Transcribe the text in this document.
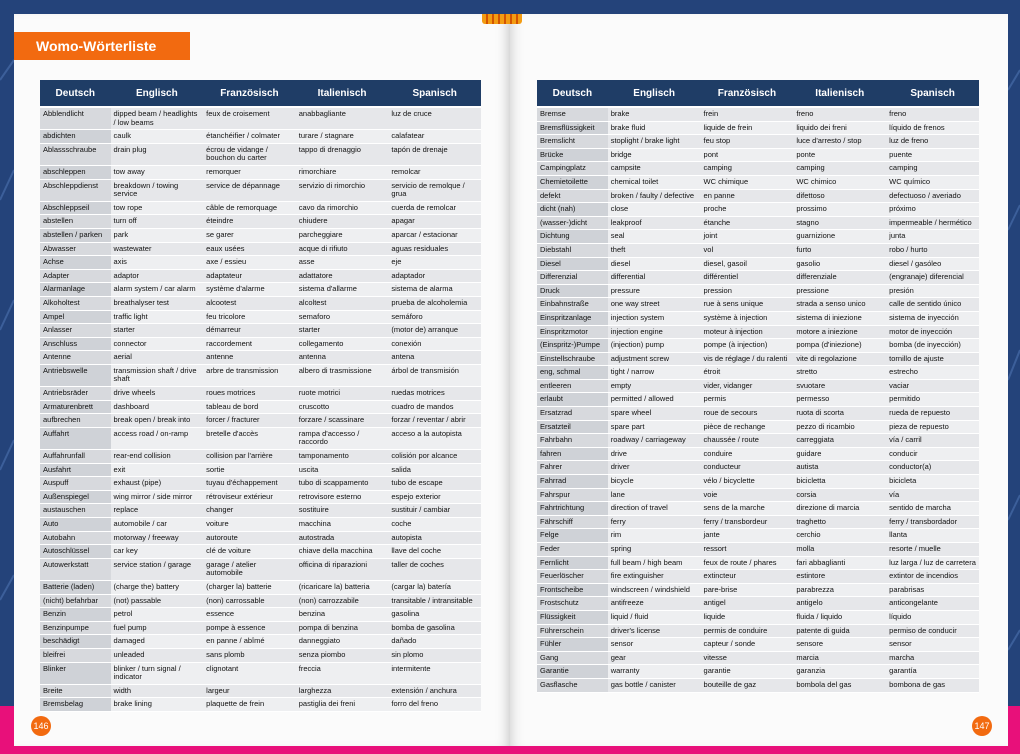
Womo-Wörterliste
Deutsch	Englisch	Französisch	Italienisch	Spanisch
Abblendlicht	dipped beam / headlights / low beams	feux de croisement	anabbagliante	luz de cruce
abdichten	caulk	étanchéifier / colmater	turare / stagnare	calafatear
Ablassschraube	drain plug	écrou de vidange / bouchon du carter	tappo di drenaggio	tapón de drenaje
abschleppen	tow away	remorquer	rimorchiare	remolcar
Abschleppdienst	breakdown / towing service	service de dépannage	servizio di rimorchio	servicio de remolque / grua
Abschleppseil	tow rope	câble de remorquage	cavo da rimorchio	cuerda de remolcar
abstellen	turn off	éteindre	chiudere	apagar
abstellen / parken	park	se garer	parcheggiare	aparcar / estacionar
Abwasser	wastewater	eaux usées	acque di rifiuto	aguas residuales
Achse	axis	axe / essieu	asse	eje
Adapter	adaptor	adaptateur	adattatore	adaptador
Alarmanlage	alarm system / car alarm	système d'alarme	sistema d'allarme	sistema de alarma
Alkoholtest	breathalyser test	alcootest	alcoltest	prueba de alcoholemia
Ampel	traffic light	feu tricolore	semaforo	semáforo
Anlasser	starter	démarreur	starter	(motor de) arranque
Anschluss	connector	raccordement	collegamento	conexión
Antenne	aerial	antenne	antenna	antena
Antriebswelle	transmission shaft / drive shaft	arbre de transmission	albero di trasmissione	árbol de transmisión
Antriebsräder	drive wheels	roues motrices	ruote motrici	ruedas motrices
Armaturenbrett	dashboard	tableau de bord	cruscotto	cuadro de mandos
aufbrechen	break open / break into	forcer / fracturer	forzare / scassinare	forzar / reventar / abrir
Auffahrt	access road / on-ramp	bretelle d'accès	rampa d'accesso / raccordo	acceso a la autopista
Auffahrunfall	rear-end collision	collision par l'arrière	tamponamento	colisión por alcance
Ausfahrt	exit	sortie	uscita	salida
Auspuff	exhaust (pipe)	tuyau d'échappement	tubo di scappamento	tubo de escape
Außenspiegel	wing mirror / side mirror	rétroviseur extérieur	retrovisore esterno	espejo exterior
austauschen	replace	changer	sostituire	sustituir / cambiar
Auto	automobile / car	voiture	macchina	coche
Autobahn	motorway / freeway	autoroute	autostrada	autopista
Autoschlüssel	car key	clé de voiture	chiave della macchina	llave del coche
Autowerkstatt	service station / garage	garage / atelier automobile	officina di riparazioni	taller de coches
Batterie (laden)	(charge the) battery	(charger la) batterie	(ricaricare la) batteria	(cargar la) batería
(nicht) befahrbar	(not) passable	(non) carrossable	(non) carrozzabile	transitable / intransitable
Benzin	petrol	essence	benzina	gasolina
Benzinpumpe	fuel pump	pompe à essence	pompa di benzina	bomba de gasolina
beschädigt	damaged	en panne / abîmé	danneggiato	dañado
bleifrei	unleaded	sans plomb	senza piombo	sin plomo
Blinker	blinker / turn signal / indicator	clignotant	freccia	intermitente
Breite	width	largeur	larghezza	extensión / anchura
Bremsbelag	brake lining	plaquette de frein	pastiglia dei freni	forro del freno
146
Deutsch	Englisch	Französisch	Italienisch	Spanisch
Bremse	brake	frein	freno	freno
Bremsflüssigkeit	brake fluid	liquide de frein	liquido dei freni	líquido de frenos
Bremslicht	stoplight / brake light	feu stop	luce d'arresto / stop	luz de freno
Brücke	bridge	pont	ponte	puente
Campingplatz	campsite	camping	camping	camping
Chemietoilette	chemical toilet	WC chimique	WC chimico	WC químico
defekt	broken / faulty / defective	en panne	difettoso	defectuoso / averiado
dicht (nah)	close	proche	prossimo	próximo
(wasser-)dicht	leakproof	étanche	stagno	impermeable / hermético
Dichtung	seal	joint	guarnizione	junta
Diebstahl	theft	vol	furto	robo / hurto
Diesel	diesel	diesel, gasoil	gasolio	diesel / gasóleo
Differenzial	differential	différentiel	differenziale	(engranaje) diferencial
Druck	pressure	pression	pressione	presión
Einbahnstraße	one way street	rue à sens unique	strada a senso unico	calle de sentido único
Einspritzanlage	injection system	système à injection	sistema di iniezione	sistema de inyección
Einspritzmotor	injection engine	moteur à injection	motore a iniezione	motor de inyección
(Einspritz-)Pumpe	(injection) pump	pompe (à injection)	pompa (d'iniezione)	bomba (de inyección)
Einstellschraube	adjustment screw	vis de réglage / du ralenti	vite di regolazione	tornillo de ajuste
eng, schmal	tight / narrow	étroit	stretto	estrecho
entleeren	empty	vider, vidanger	svuotare	vaciar
erlaubt	permitted / allowed	permis	permesso	permitido
Ersatzrad	spare wheel	roue de secours	ruota di scorta	rueda de repuesto
Ersatzteil	spare part	pièce de rechange	pezzo di ricambio	pieza de repuesto
Fahrbahn	roadway / carriageway	chaussée / route	carreggiata	vía / carril
fahren	drive	conduire	guidare	conducir
Fahrer	driver	conducteur	autista	conductor(a)
Fahrrad	bicycle	vélo / bicyclette	bicicletta	bicicleta
Fahrspur	lane	voie	corsia	vía
Fahrtrichtung	direction of travel	sens de la marche	direzione di marcia	sentido de marcha
Fährschiff	ferry	ferry / transbordeur	traghetto	ferry / transbordador
Felge	rim	jante	cerchio	llanta
Feder	spring	ressort	molla	resorte / muelle
Fernlicht	full beam / high beam	feux de route / phares	fari abbaglianti	luz larga / luz de carretera
Feuerlöscher	fire extinguisher	extincteur	estintore	extintor de incendios
Frontscheibe	windscreen / windshield	pare-brise	parabrezza	parabrisas
Frostschutz	antifreeze	antigel	antigelo	anticongelante
Flüssigkeit	liquid / fluid	liquide	fluida / liquido	líquido
Führerschein	driver's license	permis de conduire	patente di guida	permiso de conducir
Fühler	sensor	capteur / sonde	sensore	sensor
Gang	gear	vitesse	marcia	marcha
Garantie	warranty	garantie	garanzia	garantía
Gasflasche	gas bottle / canister	bouteille de gaz	bombola del gas	bombona de gas
147
